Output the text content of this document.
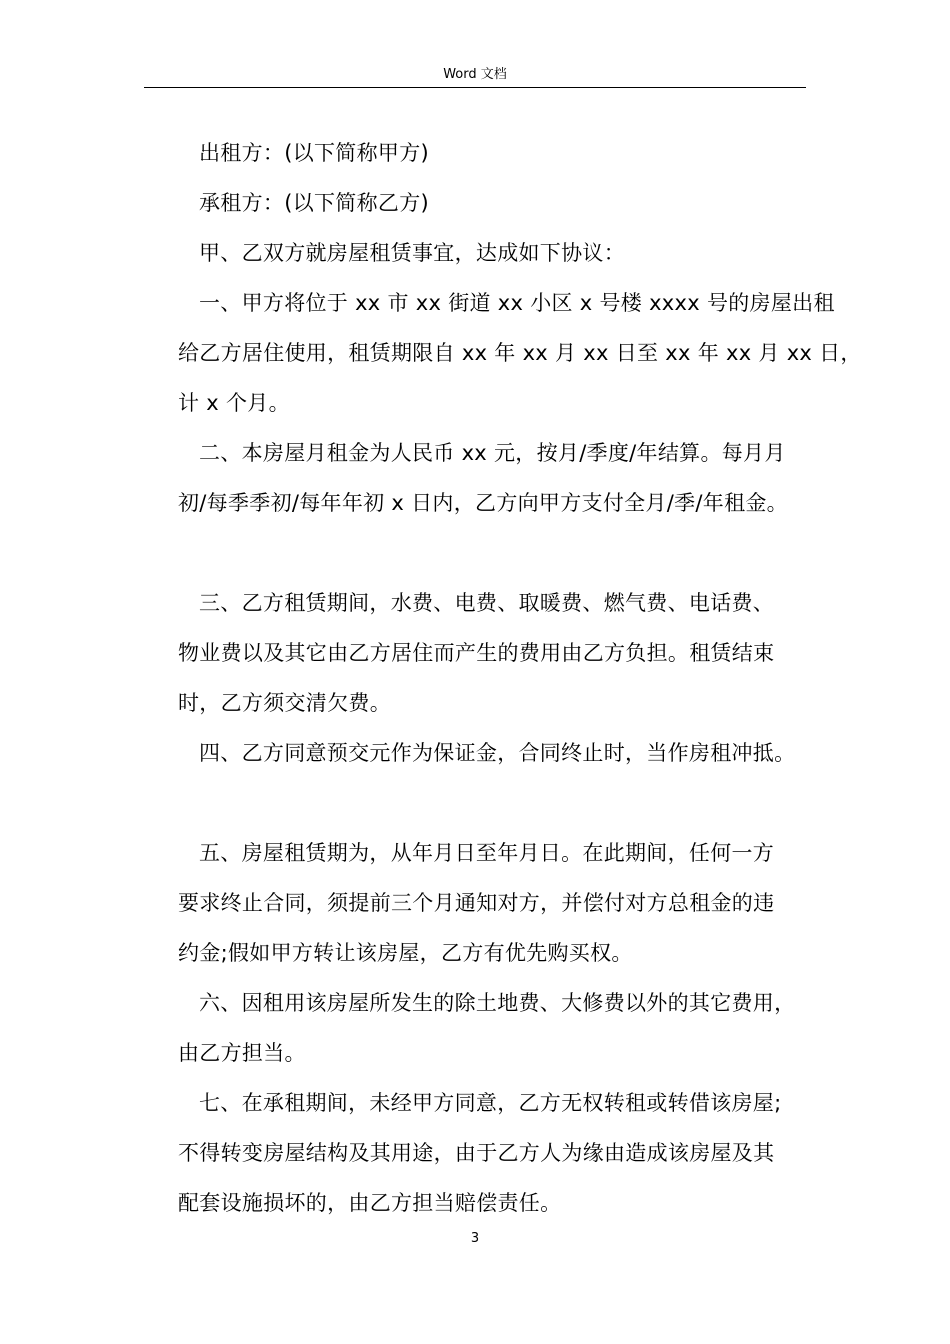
Word 文档
出租方：(以下简称甲方)
承租方：(以下简称乙方)
甲、乙双方就房屋租赁事宜，达成如下协议：
一、甲方将位于 xx 市 xx 街道 xx 小区 x 号楼 xxxx 号的房屋出租
给乙方居住使用，租赁期限自 xx 年 xx 月 xx 日至 xx 年 xx 月 xx 日，
计 x 个月。
二、本房屋月租金为人民币 xx 元，按月/季度/年结算。每月月
初/每季季初/每年年初 x 日内，乙方向甲方支付全月/季/年租金。
三、乙方租赁期间，水费、电费、取暖费、燃气费、电话费、
物业费以及其它由乙方居住而产生的费用由乙方负担。租赁结束
时，乙方须交清欠费。
四、乙方同意预交元作为保证金，合同终止时，当作房租冲抵。
五、房屋租赁期为，从年月日至年月日。在此期间，任何一方
要求终止合同，须提前三个月通知对方，并偿付对方总租金的违
约金;假如甲方转让该房屋，乙方有优先购买权。
六、因租用该房屋所发生的除土地费、大修费以外的其它费用，
由乙方担当。
七、在承租期间，未经甲方同意，乙方无权转租或转借该房屋;
不得转变房屋结构及其用途，由于乙方人为缘由造成该房屋及其
配套设施损坏的，由乙方担当赔偿责任。
3
